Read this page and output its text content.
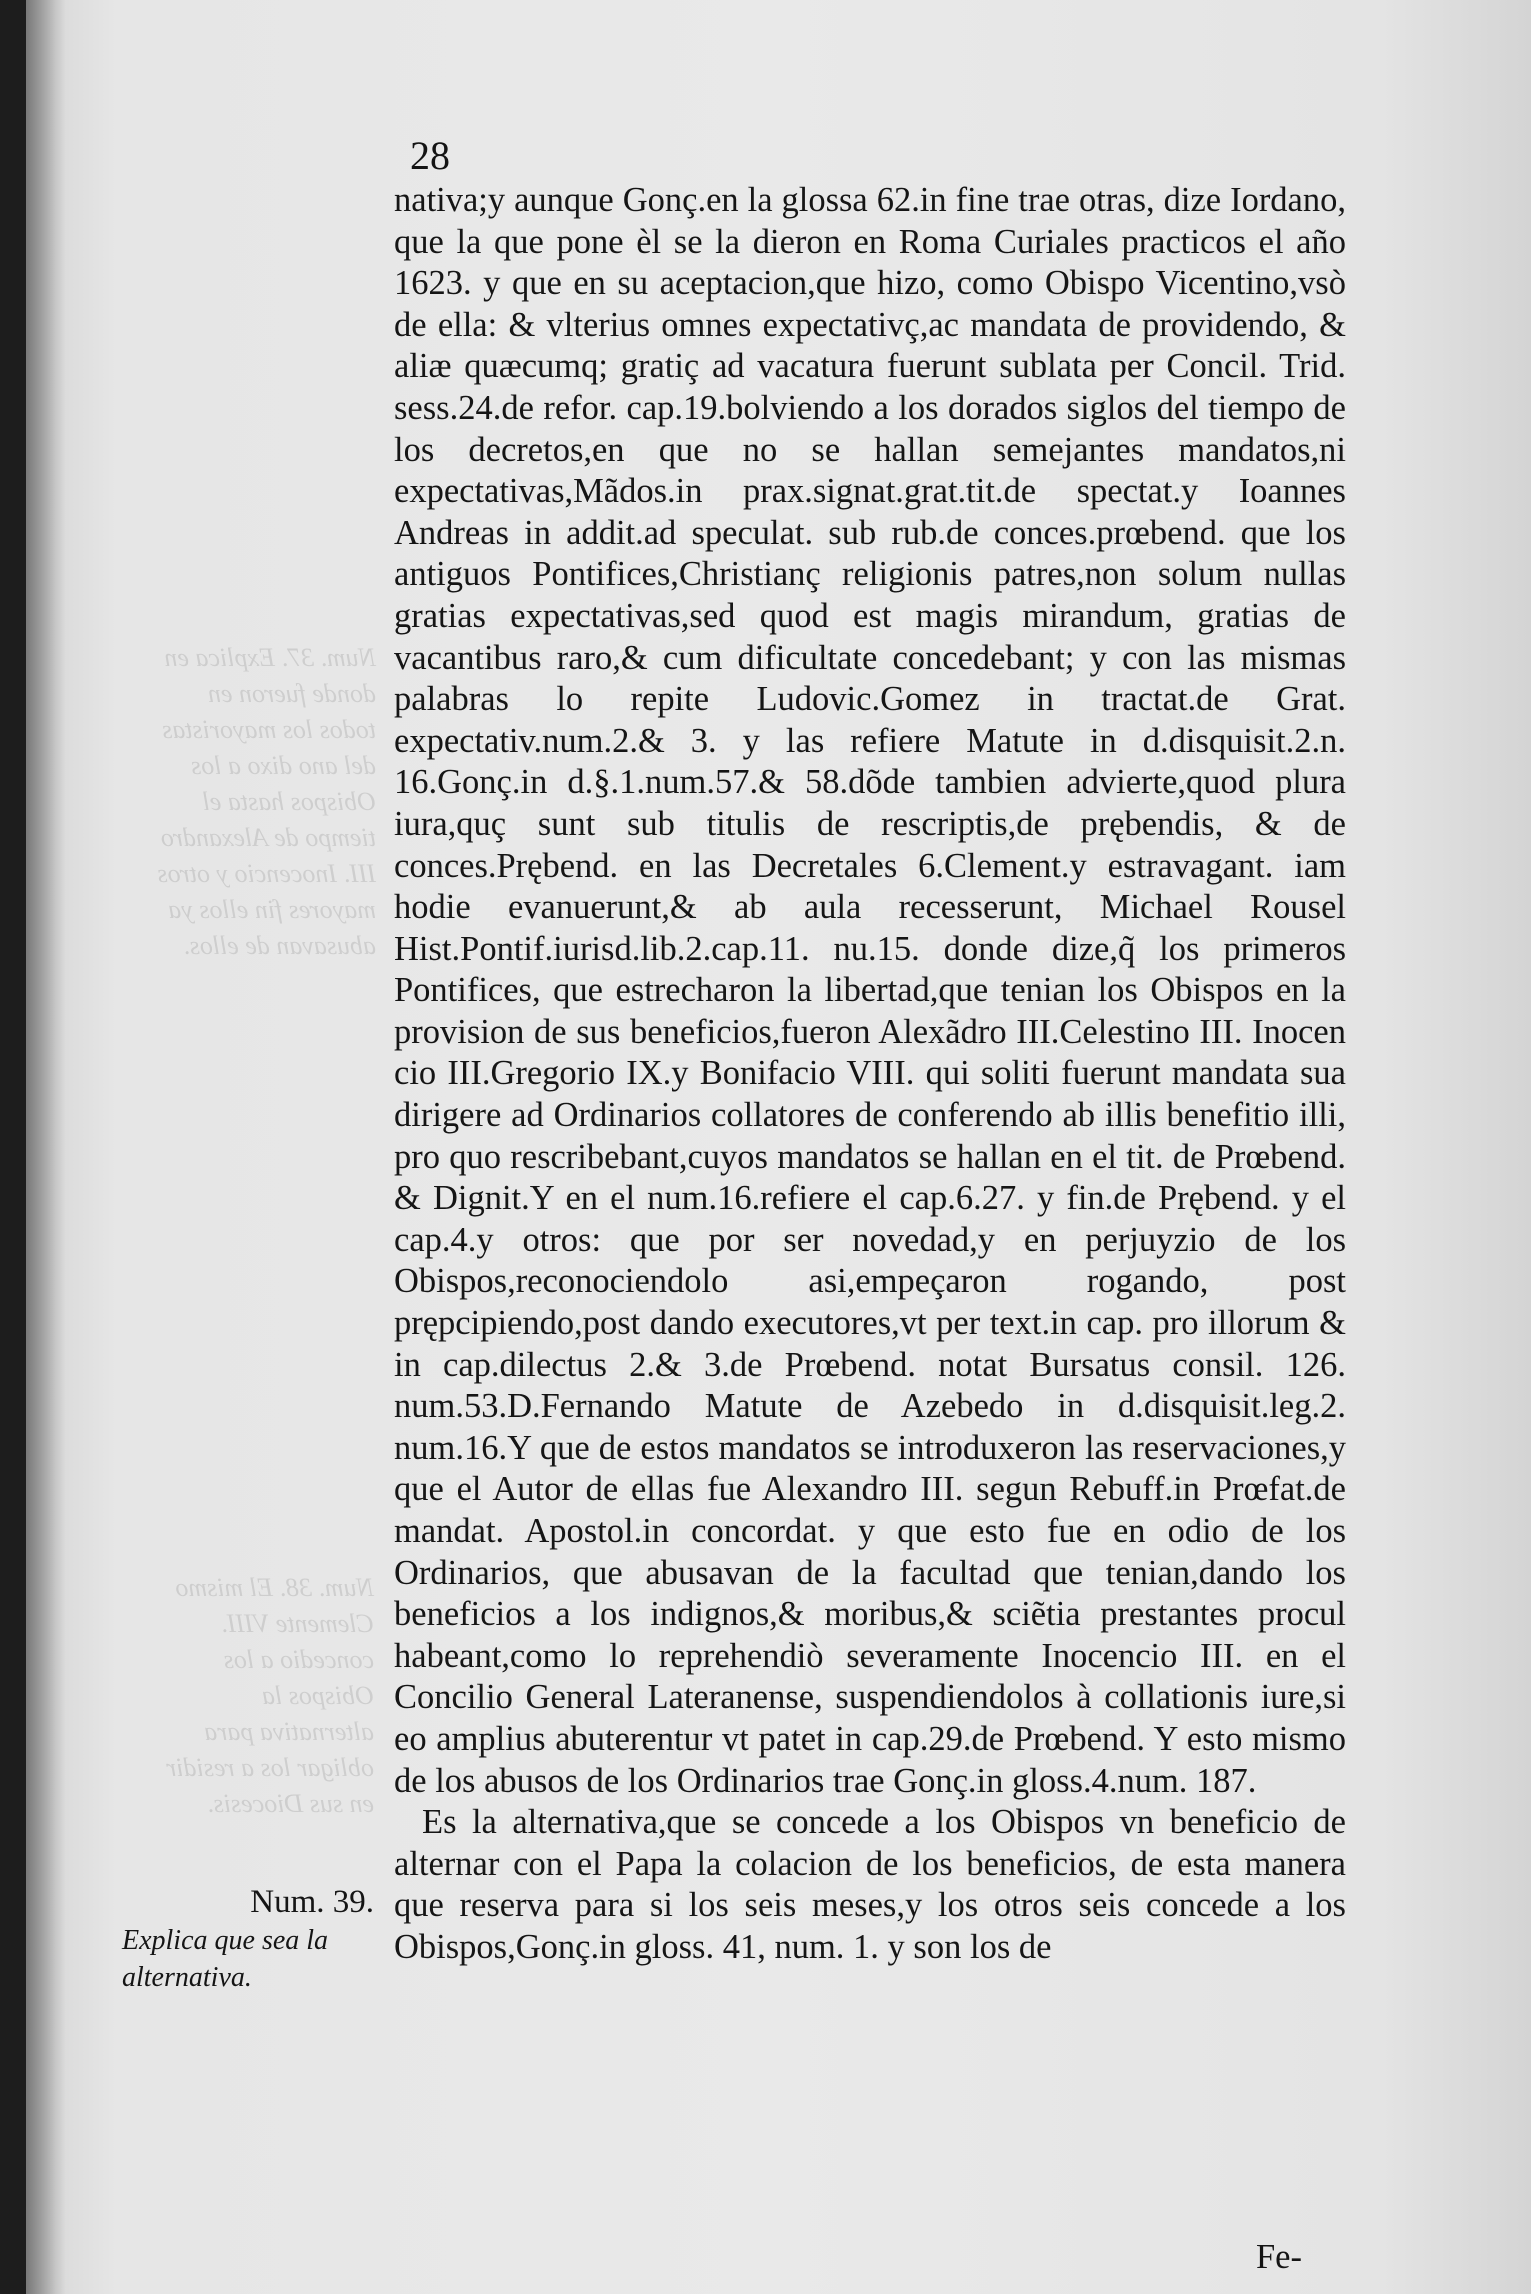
Num. 37. Explica en donde fueron en todos los mayoristas del ano dixo a los Obispos hasta el tiempo de Alexandro III. Inocencio y otros mayores fin ellos ya abusavan de ellos.

Num. 38. El mismo Clemente VIII. concedio a los Obispos la alternativa para obligar los a residir en sus Diocesis.

28

nativa;y aunque Gonç.en la glossa 62.in fine trae otras, dize Iordano, que la que pone èl se la dieron en Roma Curiales practicos el año 1623. y que en su aceptacion,que hizo, como Obispo Vicentino,vsò de ella: & vlterius omnes expectativç,ac mandata de providendo, & aliæ quæcumq; gratiç ad vacatura fuerunt sublata per Concil. Trid. sess.24.de refor. cap.19.bolviendo a los dorados siglos del tiempo de los decretos,en que no se hallan semejantes mandatos,ni expectativas,Mãdos.in prax.signat.grat.tit.de spectat.y Ioannes Andreas in addit.ad speculat. sub rub.de conces.prœbend. que los antiguos Pontifices,Christianç religionis patres,non solum nullas gratias expectativas,sed quod est magis mirandum, gratias de vacantibus raro,& cum dificultate concedebant; y con las mismas palabras lo repite Ludovic.Gomez in tractat.de Grat. expectativ.num.2.& 3. y las refiere Matute in d.disquisit.2.n. 16.Gonç.in d.§.1.num.57.& 58.dõde tambien advierte,quod plura iura,quç sunt sub titulis de rescriptis,de prębendis, & de conces.Prębend. en las Decretales 6.Clement.y estravagant. iam hodie evanuerunt,& ab aula recesserunt, Michael Rousel Hist.Pontif.iurisd.lib.2.cap.11. nu.15. donde dize,q̃ los primeros Pontifices, que estrecharon la libertad,que tenian los Obispos en la provision de sus beneficios,fueron Alexãdro III.Celestino III. Inocen cio III.Gregorio IX.y Bonifacio VIII. qui soliti fuerunt mandata sua dirigere ad Ordinarios collatores de conferendo ab illis benefitio illi, pro quo rescribebant,cuyos mandatos se hallan en el tit. de Prœbend. & Dignit.Y en el num.16.refiere el cap.6.27. y fin.de Prębend. y el cap.4.y otros: que por ser novedad,y en perjuyzio de los Obispos,reconociendolo asi,empeçaron rogando, post prępcipiendo,post dando executores,vt per text.in cap. pro illorum & in cap.dilectus 2.& 3.de Prœbend. notat Bursatus consil. 126. num.53.D.Fernando Matute de Azebedo in d.disquisit.leg.2. num.16.Y que de estos mandatos se introduxeron las reservaciones,y que el Autor de ellas fue Alexandro III. segun Rebuff.in Prœfat.de mandat. Apostol.in concordat. y que esto fue en odio de los Ordinarios, que abusavan de la facultad que tenian,dando los beneficios a los indignos,& moribus,& sciẽtia prestantes procul habeant,como lo reprehendiò severamente Inocencio III. en el Concilio General Lateranense, suspendiendolos à collationis iure,si eo amplius abuterentur vt patet in cap.29.de Prœbend. Y esto mismo de los abusos de los Ordinarios trae Gonç.in gloss.4.num. 187.

Es la alternativa,que se concede a los Obispos vn beneficio de alternar con el Papa la colacion de los beneficios, de esta manera que reserva para si los seis meses,y los otros seis concede a los Obispos,Gonç.in gloss. 41, num. 1. y son los de

Num. 39.

Explica que sea la alternativa.

Fe-
